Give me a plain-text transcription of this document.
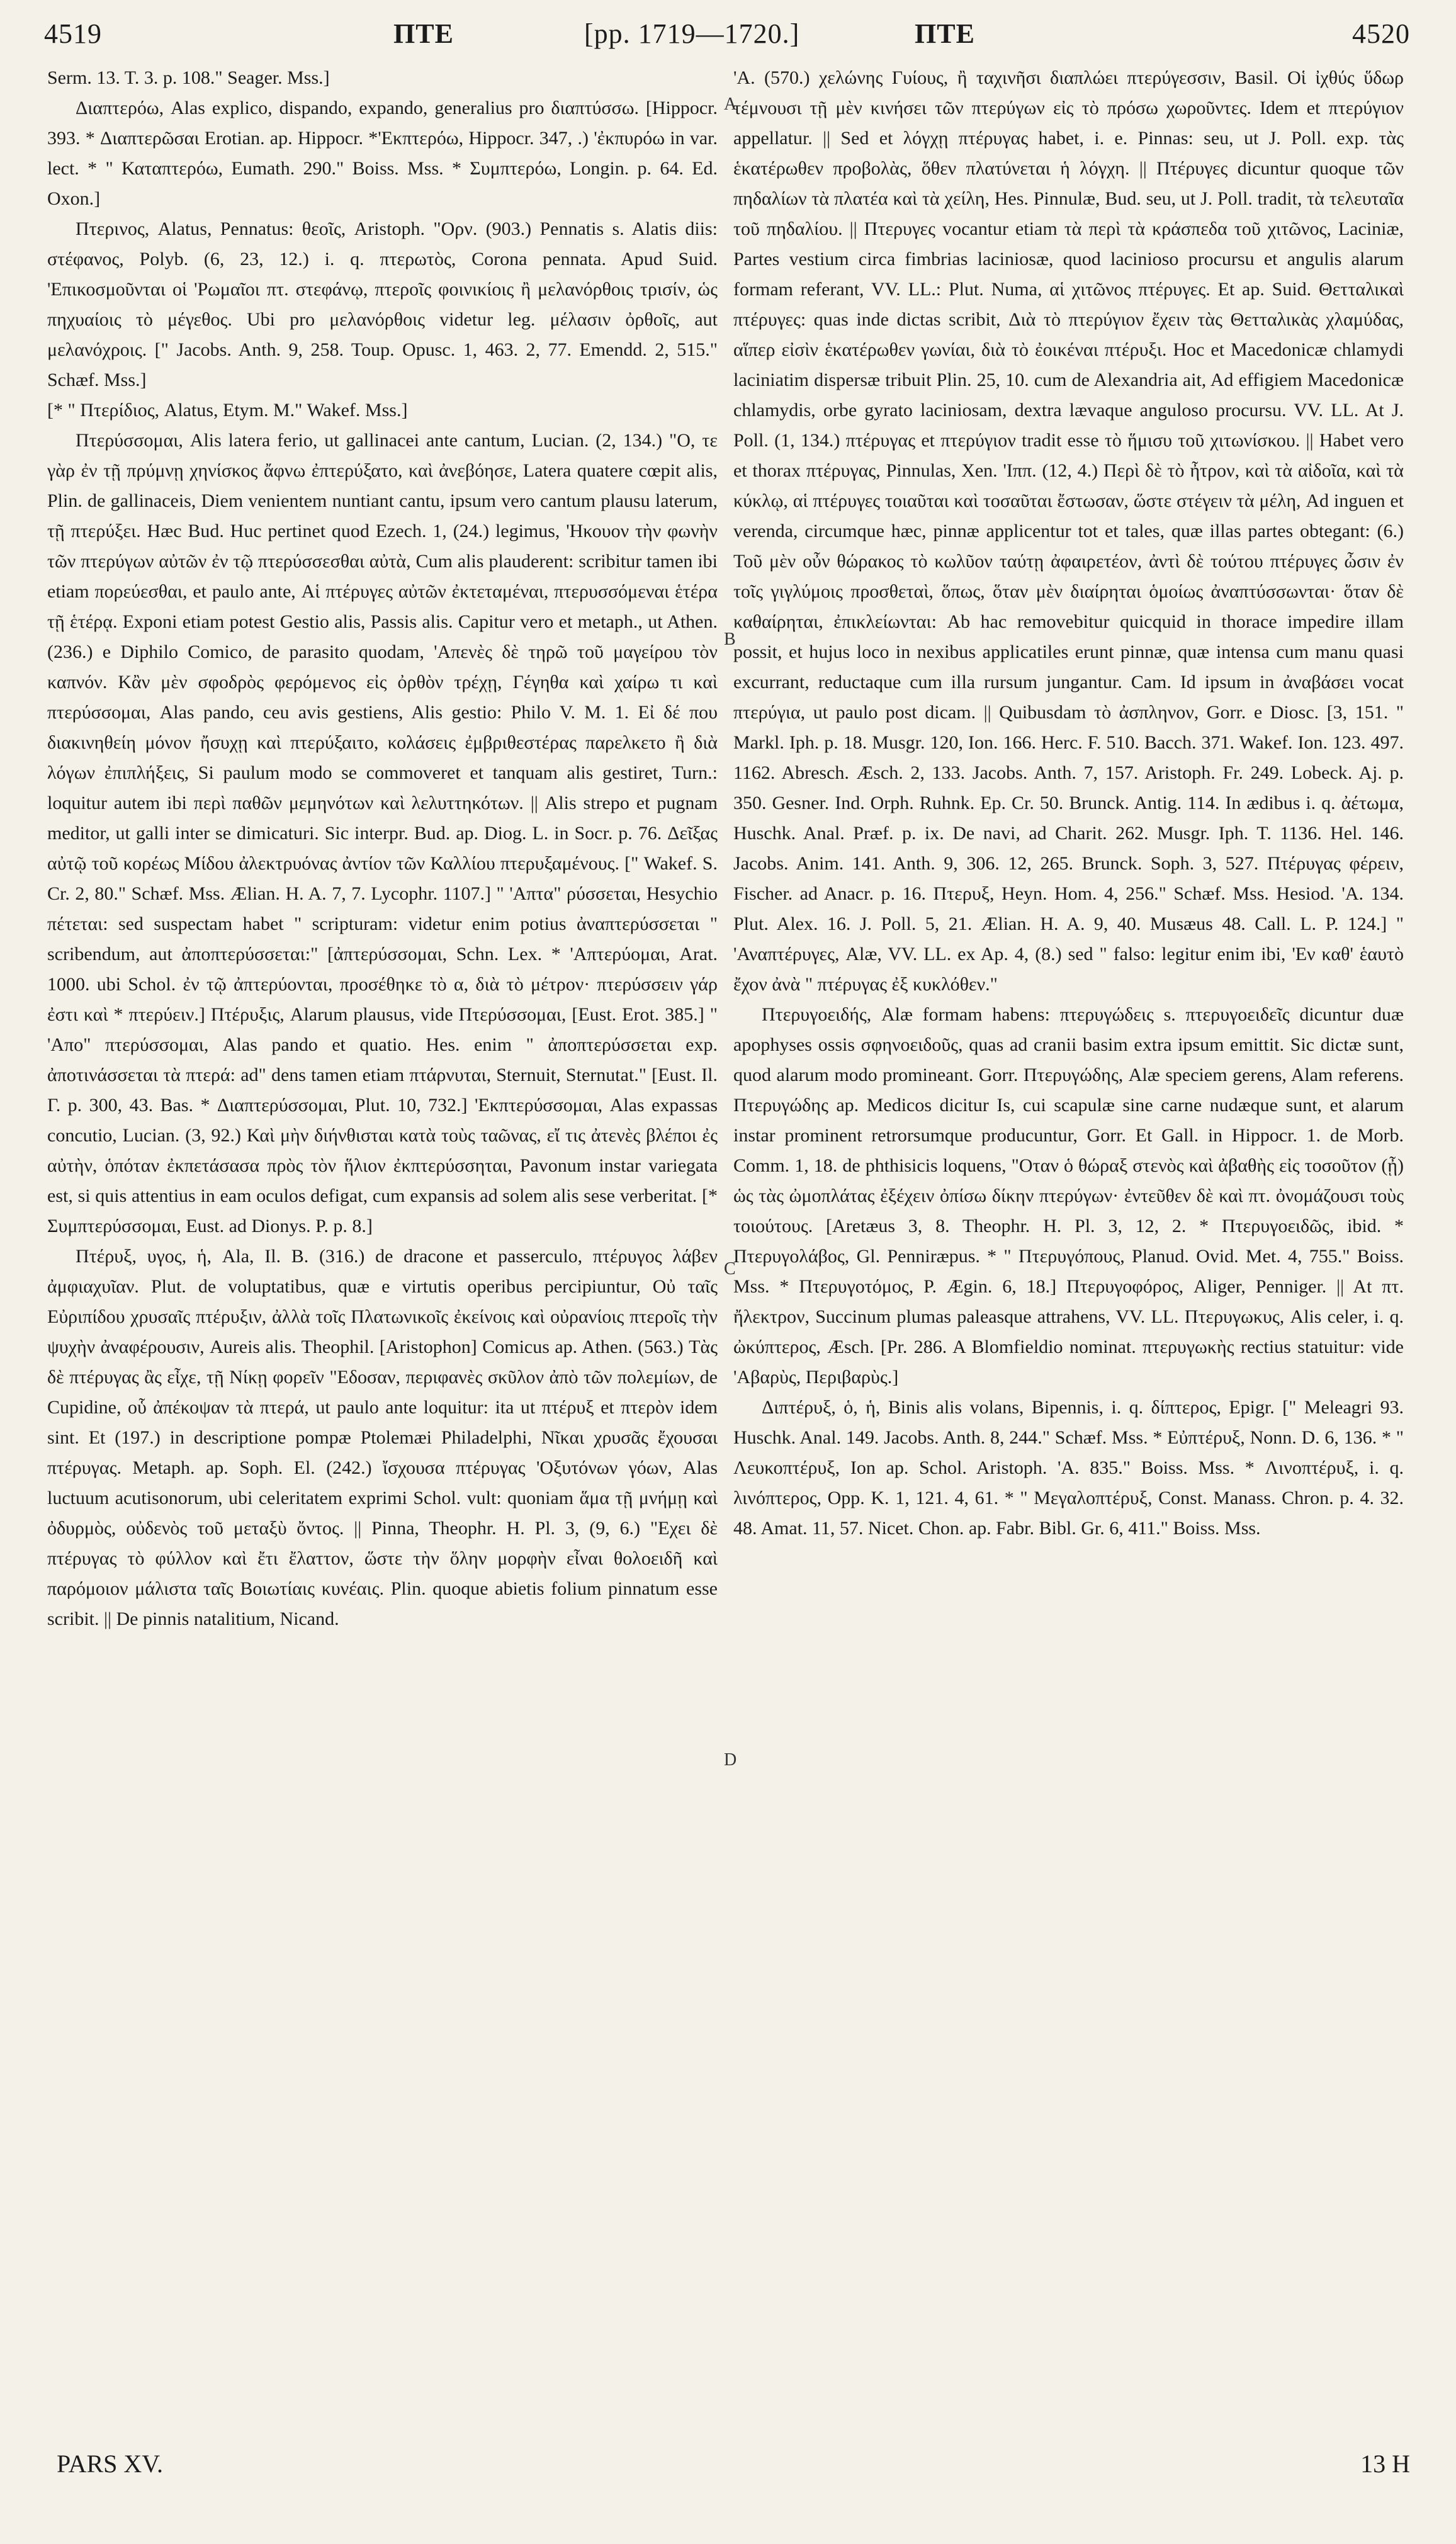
4519	ΠΤΕ	[pp. 1719—1720.]	ΠΤΕ	4520

Serm. 13. T. 3. p. 108." Seager. Mss.]

Διαπτερόω, Alas explico, dispando, expando, generalius pro διαπτύσσω. [Hippocr. 393. * Διαπτερῶσαι Erotian. ap. Hippocr. *'Εκπτερόω, Hippocr. 347, .) 'ἐκπυρόω in var. lect. * " Καταπτερόω, Eumath. 290." Boiss. Mss. * Συμπτερόω, Longin. p. 64. Ed. Oxon.]

Πτερινος, Alatus, Pennatus: θεοῖς, Aristoph. "Ορν. (903.) Pennatis s. Alatis diis: στέφανος, Polyb. (6, 23, 12.) i. q. πτερωτὸς, Corona pennata. Apud Suid. 'Επικοσμοῦνται οἱ 'Ρωμαῖοι πτ. στεφάνῳ, πτεροῖς φοινικίοις ἢ μελανόρθοις τρισίν, ὡς πηχυαίοις τὸ μέγεθος. Ubi pro μελανόρθοις videtur leg. μέλασιν ὀρθοῖς, aut μελανόχροις. [" Jacobs. Anth. 9, 258. Toup. Opusc. 1, 463. 2, 77. Emendd. 2, 515." Schæf. Mss.]

[* " Πτερίδιος, Alatus, Etym. M." Wakef. Mss.]

Πτερύσσομαι, Alis latera ferio, ut gallinacei ante cantum, Lucian. (2, 134.) "Ο, τε γὰρ ἐν τῇ πρύμνῃ χηνίσκος ἄφνω ἐπτερύξατο, καὶ ἀνεβόησε, Latera quatere cœpit alis, Plin. de gallinaceis, Diem venientem nuntiant cantu, ipsum vero cantum plausu laterum, τῇ πτερύξει. Hæc Bud. Huc pertinet quod Ezech. 1, (24.) legimus, 'Ηκουον τὴν φωνὴν τῶν πτερύγων αὐτῶν ἐν τῷ πτερύσσεσθαι αὐτὰ, Cum alis plauderent: scribitur tamen ibi etiam πορεύεσθαι, et paulo ante, Αἱ πτέρυγες αὐτῶν ἐκτεταμέναι, πτερυσσόμεναι ἑτέρα τῇ ἑτέρᾳ. Exponi etiam potest Gestio alis, Passis alis. Capitur vero et metaph., ut Athen. (236.) e Diphilo Comico, de parasito quodam, 'Απενὲς δὲ τηρῶ τοῦ μαγείρου τὸν καπνόν. Κἂν μὲν σφοδρὸς φερόμενος εἰς ὀρθὸν τρέχῃ, Γέγηθα καὶ χαίρω τι καὶ πτερύσσομαι, Alas pando, ceu avis gestiens, Alis gestio: Philo V. M. 1. Εἰ δέ που διακινηθείη μόνον ἤσυχῃ καὶ πτερύξαιτο, κολάσεις ἐμβριθεστέρας παρελκετο ἢ διὰ λόγων ἐπιπλήξεις, Si paulum modo se commoveret et tanquam alis gestiret, Turn.: loquitur autem ibi περὶ παθῶν μεμηνότων καὶ λελυττηκότων. || Alis strepo et pugnam meditor, ut galli inter se dimicaturi. Sic interpr. Bud. ap. Diog. L. in Socr. p. 76. Δεῖξας αὐτῷ τοῦ κορέως Μίδου ἀλεκτρυόνας ἀντίον τῶν Καλλίου πτερυξαμένους. [" Wakef. S. Cr. 2, 80." Schæf. Mss. Ælian. H. A. 7, 7. Lycophr. 1107.] " 'Απτα" ρύσσεται, Hesychio πέτεται: sed suspectam habet " scripturam: videtur enim potius ἀναπτερύσσεται " scribendum, aut ἀποπτερύσσεται:" [ἀπτερύσσομαι, Schn. Lex. * 'Απτερύομαι, Arat. 1000. ubi Schol. ἐν τῷ ἀπτερύονται, προσέθηκε τὸ α, διὰ τὸ μέτρον· πτερύσσειν γάρ ἐστι καὶ * πτερύειν.] Πτέρυξις, Alarum plausus, vide Πτερύσσομαι, [Eust. Erot. 385.] " 'Απο" πτερύσσομαι, Alas pando et quatio. Hes. enim " ἀποπτερύσσεται exp. ἀποτινάσσεται τὰ πτερά: ad" dens tamen etiam πτάρνυται, Sternuit, Sternutat." [Eust. Il. Γ. p. 300, 43. Bas. * Διαπτερύσσομαι, Plut. 10, 732.] 'Εκπτερύσσομαι, Alas expassas concutio, Lucian. (3, 92.) Καὶ μὴν διήνθισται κατὰ τοὺς ταῶνας, εἴ τις ἀτενὲς βλέποι ἐς αὐτὴν, ὁπόταν ἐκπετάσασα πρὸς τὸν ἥλιον ἐκπτερύσσηται, Pavonum instar variegata est, si quis attentius in eam oculos defigat, cum expansis ad solem alis sese verberitat. [* Συμπτερύσσομαι, Eust. ad Dionys. P. p. 8.]

Πτέρυξ, υγος, ἡ, Ala, Il. B. (316.) de dracone et passerculo, πτέρυγος λάβεν ἀμφιαχυῖαν. Plut. de voluptatibus, quæ e virtutis operibus percipiuntur, Οὐ ταῖς Εὐριπίδου χρυσαῖς πτέρυξιν, ἀλλὰ τοῖς Πλατωνικοῖς ἐκείνοις καὶ οὐρανίοις πτεροῖς τὴν ψυχὴν ἀναφέρουσιν, Aureis alis. Theophil. [Aristophon] Comicus ap. Athen. (563.) Τὰς δὲ πτέρυγας ἂς εἶχε, τῇ Νίκῃ φορεῖν "Εδοσαν, περιφανὲς σκῦλον ἀπὸ τῶν πολεμίων, de Cupidine, οὗ ἀπέκοψαν τὰ πτερά, ut paulo ante loquitur: ita ut πτέρυξ et πτερὸν idem sint. Et (197.) in descriptione pompæ Ptolemæi Philadelphi, Νῖκαι χρυσᾶς ἔχουσαι πτέρυγας. Metaph. ap. Soph. El. (242.) ἴσχουσα πτέρυγας 'Οξυτόνων γόων, Alas luctuum acutisonorum, ubi celeritatem exprimi Schol. vult: quoniam ἅμα τῇ μνήμῃ καὶ ὀδυρμὸς, οὐδενὸς τοῦ μεταξὺ ὄντος. || Pinna, Theophr. H. Pl. 3, (9, 6.) "Εχει δὲ πτέρυγας τὸ φύλλον καὶ ἔτι ἔλαττον, ὥστε τὴν ὅλην μορφὴν εἶναι θολοειδῆ καὶ παρόμοιον μάλιστα ταῖς Βοιωτίαις κυνέαις. Plin. quoque abietis folium pinnatum esse scribit. || De pinnis natalitium, Nicand.

A
B
C
D

'A. (570.) χελώνης Γυίους, ἢ ταχινῆσι διαπλώει πτερύγεσσιν, Basil. Οἱ ἰχθύς ὕδωρ τέμνουσι τῇ μὲν κινήσει τῶν πτερύγων εἰς τὸ πρόσω χωροῦντες. Idem et πτερύγιον appellatur. || Sed et λόγχῃ πτέρυγας habet, i. e. Pinnas: seu, ut J. Poll. exp. τὰς ἑκατέρωθεν προβολὰς, ὅθεν πλατύνεται ἡ λόγχη. || Πτέρυγες dicuntur quoque τῶν πηδαλίων τὰ πλατέα καὶ τὰ χείλη, Hes. Pinnulæ, Bud. seu, ut J. Poll. tradit, τὰ τελευταῖα τοῦ πηδαλίου. || Πτερυγες vocantur etiam τὰ περὶ τὰ κράσπεδα τοῦ χιτῶνος, Laciniæ, Partes vestium circa fimbrias laciniosæ, quod lacinioso procursu et angulis alarum formam referant, VV. LL.: Plut. Numa, αἱ χιτῶνος πτέρυγες. Et ap. Suid. Θετταλικαὶ πτέρυγες: quas inde dictas scribit, Διὰ τὸ πτερύγιον ἔχειν τὰς Θετταλικὰς χλαμύδας, αἵπερ εἰσὶν ἑκατέρωθεν γωνίαι, διὰ τὸ ἐοικέναι πτέρυξι. Hoc et Macedonicæ chlamydi laciniatim dispersæ tribuit Plin. 25, 10. cum de Alexandria ait, Ad effigiem Macedonicæ chlamydis, orbe gyrato laciniosam, dextra lævaque anguloso procursu. VV. LL. At J. Poll. (1, 134.) πτέρυγας et πτερύγιον tradit esse τὸ ἥμισυ τοῦ χιτωνίσκου. || Habet vero et thorax πτέρυγας, Pinnulas, Xen. 'Ιππ. (12, 4.) Περὶ δὲ τὸ ἦτρον, καὶ τὰ αἰδοῖα, καὶ τὰ κύκλῳ, αἱ πτέρυγες τοιαῦται καὶ τοσαῦται ἔστωσαν, ὥστε στέγειν τὰ μέλη, Ad inguen et verenda, circumque hæc, pinnæ applicentur tot et tales, quæ illas partes obtegant: (6.) Τοῦ μὲν οὖν θώρακος τὸ κωλῦον ταύτῃ ἀφαιρετέον, ἀντὶ δὲ τούτου πτέρυγες ὦσιν ἐν τοῖς γιγλύμοις προσθεταὶ, ὅπως, ὅταν μὲν διαίρηται ὁμοίως ἀναπτύσσωνται· ὅταν δὲ καθαίρηται, ἐπικλείωνται: Ab hac removebitur quicquid in thorace impedire illam possit, et hujus loco in nexibus applicatiles erunt pinnæ, quæ intensa cum manu quasi excurrant, reductaque cum illa rursum jungantur. Cam. Id ipsum in ἀναβάσει vocat πτερύγια, ut paulo post dicam. || Quibusdam τὸ ἀσπληνον, Gorr. e Diosc. [3, 151. " Markl. Iph. p. 18. Musgr. 120, Ion. 166. Herc. F. 510. Bacch. 371. Wakef. Ion. 123. 497. 1162. Abresch. Æsch. 2, 133. Jacobs. Anth. 7, 157. Aristoph. Fr. 249. Lobeck. Aj. p. 350. Gesner. Ind. Orph. Ruhnk. Ep. Cr. 50. Brunck. Antig. 114. In ædibus i. q. ἀέτωμα, Huschk. Anal. Præf. p. ix. De navi, ad Charit. 262. Musgr. Iph. T. 1136. Hel. 146. Jacobs. Anim. 141. Anth. 9, 306. 12, 265. Brunck. Soph. 3, 527. Πτέρυγας φέρειν, Fischer. ad Anacr. p. 16. Πτερυξ, Heyn. Hom. 4, 256." Schæf. Mss. Hesiod. 'A. 134. Plut. Alex. 16. J. Poll. 5, 21. Ælian. H. A. 9, 40. Musæus 48. Call. L. P. 124.] " 'Αναπτέρυγες, Alæ, VV. LL. ex Ap. 4, (8.) sed " falso: legitur enim ibi, 'Εν καθ' ἑαυτὸ ἔχον ἀνὰ " πτέρυγας ἐξ κυκλόθεν."

Πτερυγοειδής, Alæ formam habens: πτερυγώδεις s. πτερυγοειδεῖς dicuntur duæ apophyses ossis σφηνοειδοῦς, quas ad cranii basim extra ipsum emittit. Sic dictæ sunt, quod alarum modo promineant. Gorr. Πτερυγώδης, Alæ speciem gerens, Alam referens. Πτερυγώδης ap. Medicos dicitur Is, cui scapulæ sine carne nudæque sunt, et alarum instar prominent retrorsumque producuntur, Gorr. Et Gall. in Hippocr. 1. de Morb. Comm. 1, 18. de phthisicis loquens, "Οταν ὁ θώραξ στενὸς καὶ ἀβαθὴς εἰς τοσοῦτον (ᾖ) ὡς τὰς ὠμοπλάτας ἐξέχειν ὀπίσω δίκην πτερύγων· ἐντεῦθεν δὲ καὶ πτ. ὀνομάζουσι τοὺς τοιούτους. [Aretæus 3, 8. Theophr. H. Pl. 3, 12, 2. * Πτερυγοειδῶς, ibid. * Πτερυγολάβος, Gl. Penniræpus. * " Πτερυγόπους, Planud. Ovid. Met. 4, 755." Boiss. Mss. * Πτερυγοτόμος, P. Ægin. 6, 18.] Πτερυγοφόρος, Aliger, Penniger. || At πτ. ἤλεκτρον, Succinum plumas paleasque attrahens, VV. LL. Πτερυγωκυς, Alis celer, i. q. ὠκύπτερος, Æsch. [Pr. 286. A Blomfieldio nominat. πτερυγωκὴς rectius statuitur: vide 'Αβαρὺς, Περιβαρὺς.]

Διπτέρυξ, ὁ, ἡ, Binis alis volans, Bipennis, i. q. δίπτερος, Epigr. [" Meleagri 93. Huschk. Anal. 149. Jacobs. Anth. 8, 244." Schæf. Mss. * Εὐπτέρυξ, Nonn. D. 6, 136. * " Λευκοπτέρυξ, Ion ap. Schol. Aristoph. 'A. 835." Boiss. Mss. * Λινοπτέρυξ, i. q. λινόπτερος, Opp. K. 1, 121. 4, 61. * " Μεγαλοπτέρυξ, Const. Manass. Chron. p. 4. 32. 48. Amat. 11, 57. Nicet. Chon. ap. Fabr. Bibl. Gr. 6, 411." Boiss. Mss.

PARS XV.	13 H
